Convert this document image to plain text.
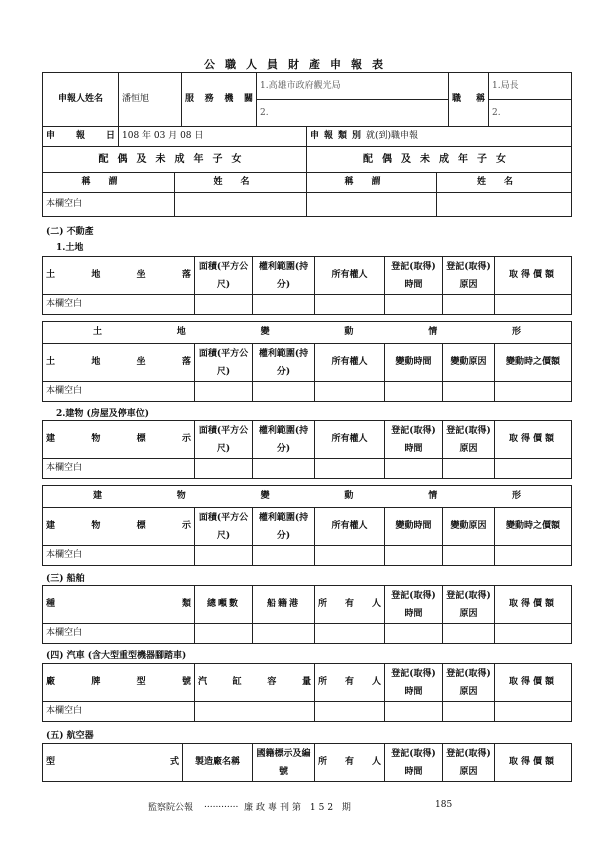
公職人員財產申報表
申報人姓名	潘恒旭	服務機關	1.高雄市政府觀光局	職稱	1.局長
			2.		2.
申報日	108 年 03 月 08 日		申報類別就(到)職申報	
配偶及未成年子女			配偶及未成年子女	
稱謂		姓名	稱謂	姓名
本欄空白				
(二) 不動產
1.土地
土地坐落	面積(平方公尺)	權利範圍(持分)	所有權人	登記(取得)時間	登記(取得)原因	取得價額
本欄空白						
土地變動情形						
土地坐落	面積(平方公尺)	權利範圍(持分)	所有權人	變動時間	變動原因	變動時之價額
本欄空白						
2.建物 (房屋及停車位)
建物標示	面積(平方公尺)	權利範圍(持分)	所有權人	登記(取得)時間	登記(取得)原因	取得價額
本欄空白						
建物變動情形						
建物標示	面積(平方公尺)	權利範圍(持分)	所有權人	變動時間	變動原因	變動時之價額
本欄空白						
(三) 船舶
種類	總噸數	船籍港	所有人	登記(取得)時間	登記(取得)原因	取得價額
本欄空白						
(四) 汽車 (含大型重型機器腳踏車)
廠牌型號	汽缸容量	所有人	登記(取得)時間	登記(取得)原因	取得價額
本欄空白					
(五) 航空器
型式	製造廠名稱	國籍標示及編號	所有人	登記(取得)時間	登記(取得)原因	取得價額
監察院公報 ............ 廉政專刊第 152 期	185
